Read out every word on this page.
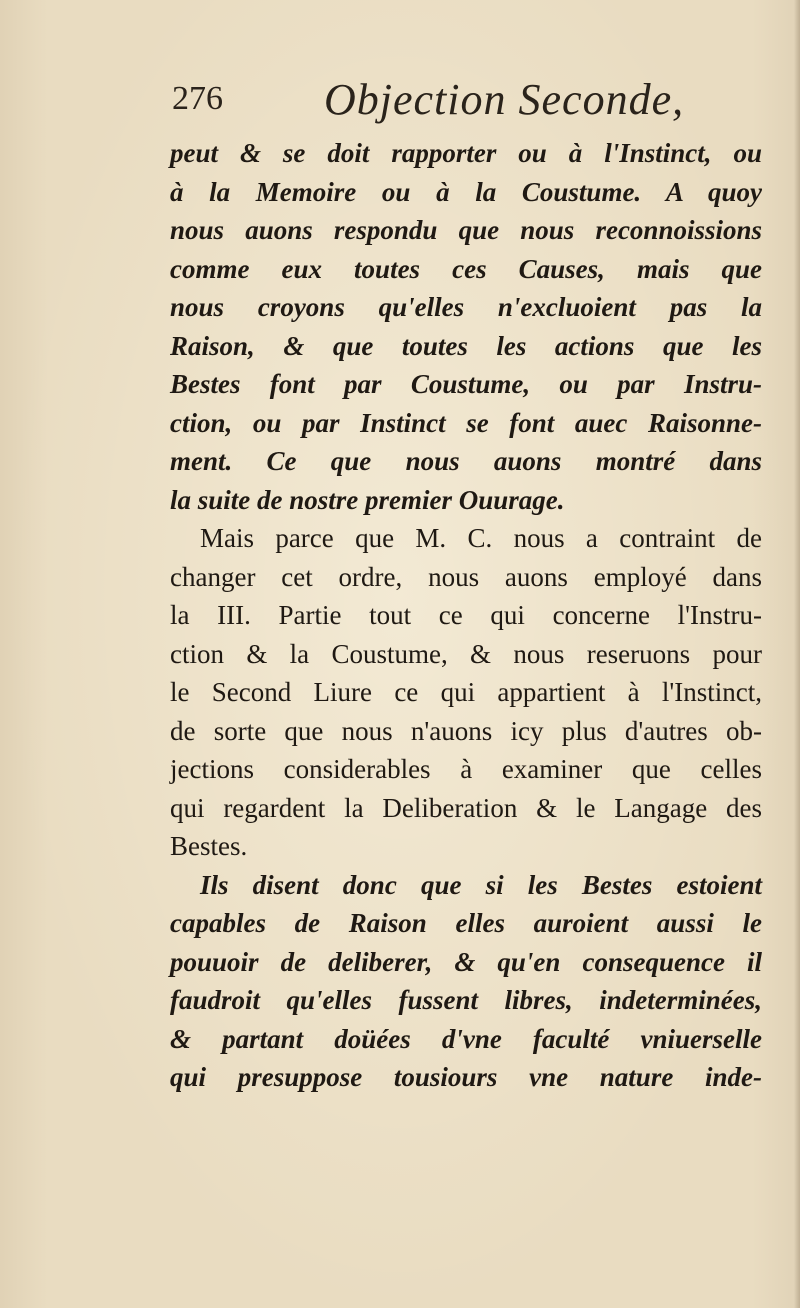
276 Objection Seconde,
peut & se doit rapporter ou à l'Instinct, ou
à la Memoire ou à la Coustume. A quoy
nous auons respondu que nous reconnoissions
comme eux toutes ces Causes, mais que
nous croyons qu'elles n'excluoient pas la
Raison, & que toutes les actions que les
Bestes font par Coustume, ou par Instru-
ction, ou par Instinct se font auec Raisonne-
ment. Ce que nous auons montré dans
la suite de nostre premier Ouurage.
Mais parce que M. C. nous a contraint de
changer cet ordre, nous auons employé dans
la III. Partie tout ce qui concerne l'Instru-
ction & la Coustume, & nous reseruons pour
le Second Liure ce qui appartient à l'Instinct,
de sorte que nous n'auons icy plus d'autres ob-
jections considerables à examiner que celles
qui regardent la Deliberation & le Langage des
Bestes.
Ils disent donc que si les Bestes estoient
capables de Raison elles auroient aussi le
pouuoir de deliberer, & qu'en consequence il
faudroit qu'elles fussent libres, indeterminées,
& partant doüées d'vne faculté vniuerselle
qui presuppose tousiours vne nature inde-
